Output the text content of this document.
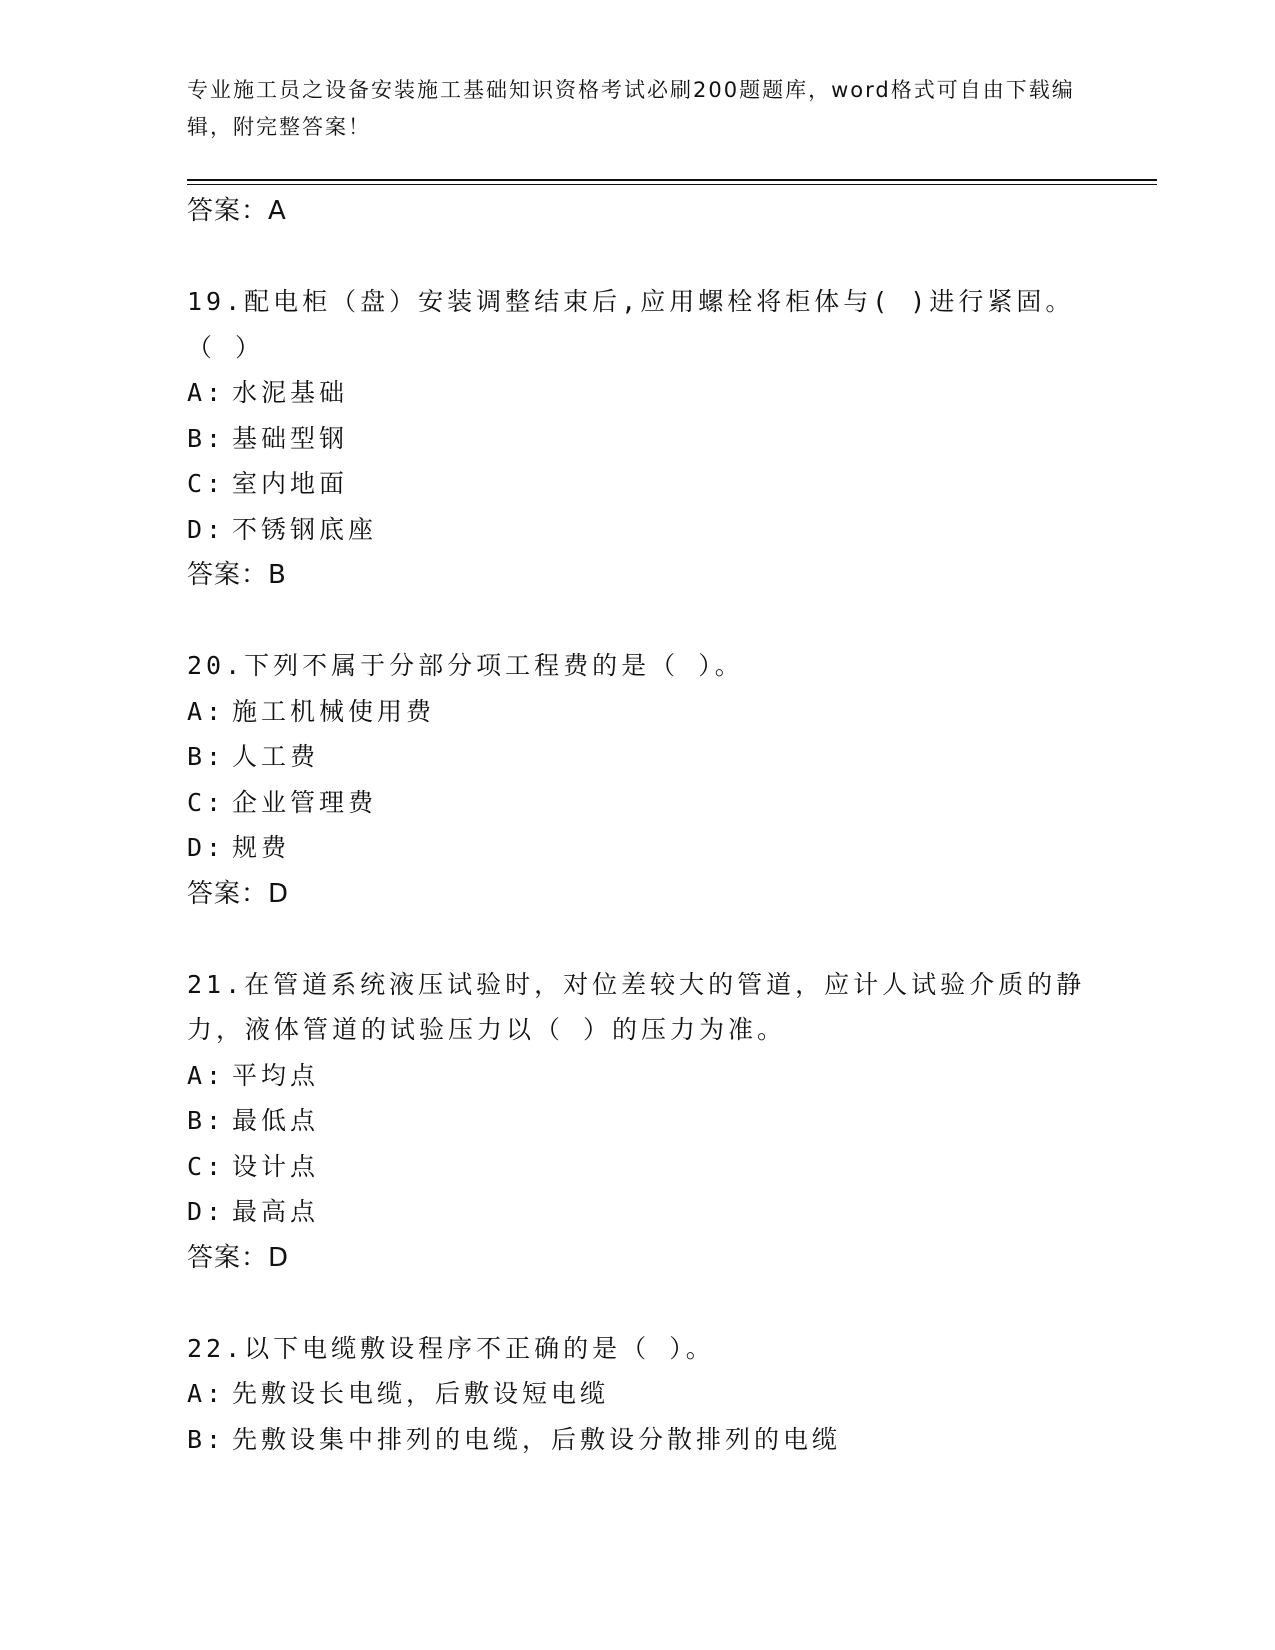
专业施工员之设备安装施工基础知识资格考试必刷200题题库，word格式可自由下载编辑，附完整答案！
答案：A
19.配电柜（盘）安装调整结束后,应用螺栓将柜体与( )进行紧固。（ ）
A: 水泥基础
B: 基础型钢
C: 室内地面
D: 不锈钢底座
答案：B
20.下列不属于分部分项工程费的是（ ）。
A: 施工机械使用费
B: 人工费
C: 企业管理费
D: 规费
答案：D
21.在管道系统液压试验时，对位差较大的管道，应计人试验介质的静力，液体管道的试验压力以（ ）的压力为准。
A: 平均点
B: 最低点
C: 设计点
D: 最高点
答案：D
22.以下电缆敷设程序不正确的是（ ）。
A: 先敷设长电缆，后敷设短电缆
B: 先敷设集中排列的电缆，后敷设分散排列的电缆
